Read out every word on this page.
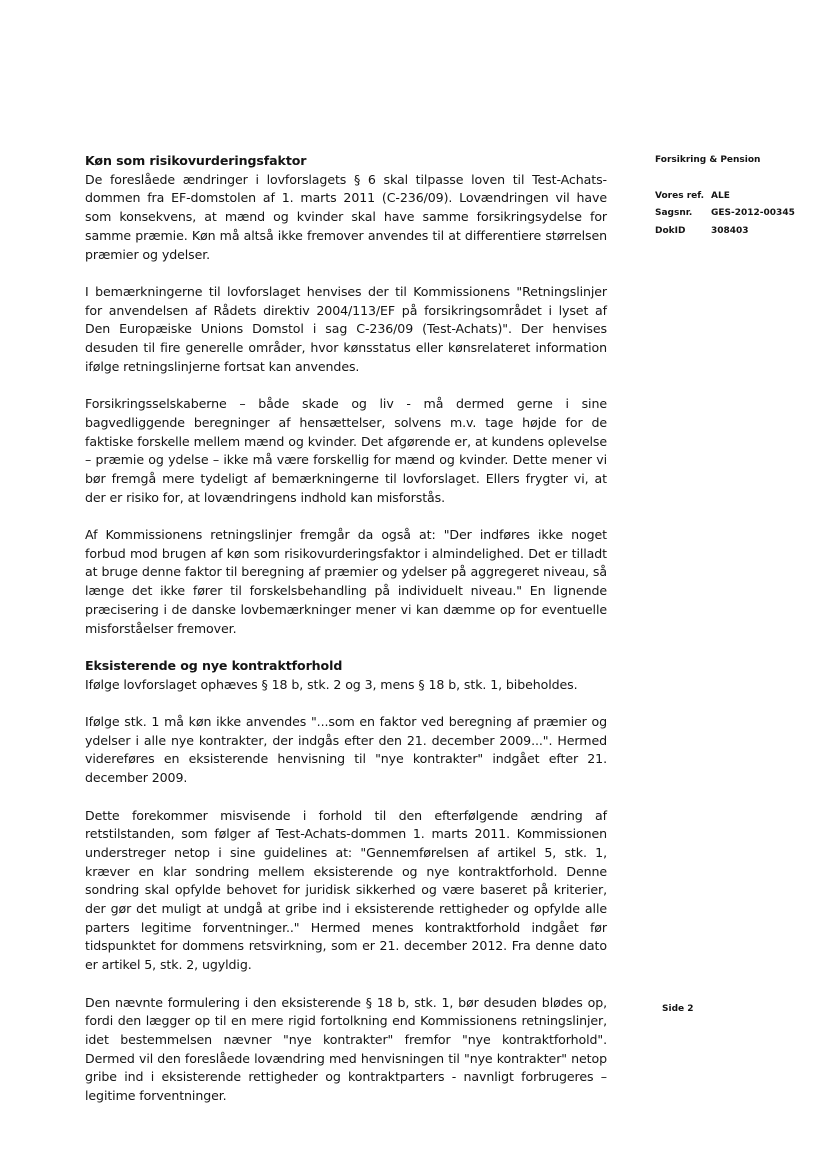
Køn som risikovurderingsfaktor

De foreslåede ændringer i lovforslagets § 6 skal tilpasse loven til Test-Achats-dommen fra EF-domstolen af 1. marts 2011 (C-236/09). Lovændringen vil have som konsekvens, at mænd og kvinder skal have samme forsikringsydelse for samme præmie. Køn må altså ikke fremover anvendes til at differentiere størrelsen præmier og ydelser.

I bemærkningerne til lovforslaget henvises der til Kommissionens "Retningslinjer for anvendelsen af Rådets direktiv 2004/113/EF på forsikringsområdet i lyset af Den Europæiske Unions Domstol i sag C-236/09 (Test-Achats)". Der henvises desuden til fire generelle områder, hvor kønsstatus eller kønsrelateret information ifølge retningslinjerne fortsat kan anvendes.

Forsikringsselskaberne – både skade og liv - må dermed gerne i sine bagvedliggende beregninger af hensættelser, solvens m.v. tage højde for de faktiske forskelle mellem mænd og kvinder. Det afgørende er, at kundens oplevelse – præmie og ydelse – ikke må være forskellig for mænd og kvinder. Dette mener vi bør fremgå mere tydeligt af bemærkningerne til lovforslaget. Ellers frygter vi, at der er risiko for, at lovændringens indhold kan misforstås.

Af Kommissionens retningslinjer fremgår da også at: "Der indføres ikke noget forbud mod brugen af køn som risikovurderingsfaktor i almindelighed. Det er tilladt at bruge denne faktor til beregning af præmier og ydelser på aggregeret niveau, så længe det ikke fører til forskelsbehandling på individuelt niveau." En lignende præcisering i de danske lovbemærkninger mener vi kan dæmme op for eventuelle misforståelser fremover.

Eksisterende og nye kontraktforhold

Ifølge lovforslaget ophæves § 18 b, stk. 2 og 3, mens § 18 b, stk. 1, bibeholdes.

Ifølge stk. 1 må køn ikke anvendes "...som en faktor ved beregning af præmier og ydelser i alle nye kontrakter, der indgås efter den 21. december 2009...". Hermed videreføres en eksisterende henvisning til "nye kontrakter" indgået efter 21. december 2009.

Dette forekommer misvisende i forhold til den efterfølgende ændring af retstilstanden, som følger af Test-Achats-dommen 1. marts 2011. Kommissionen understreger netop i sine guidelines at: "Gennemførelsen af artikel 5, stk. 1, kræver en klar sondring mellem eksisterende og nye kontraktforhold. Denne sondring skal opfylde behovet for juridisk sikkerhed og være baseret på kriterier, der gør det muligt at undgå at gribe ind i eksisterende rettigheder og opfylde alle parters legitime forventninger.." Hermed menes kontraktforhold indgået før tidspunktet for dommens retsvirkning, som er 21. december 2012. Fra denne dato er artikel 5, stk. 2, ugyldig.

Den nævnte formulering i den eksisterende § 18 b, stk. 1, bør desuden blødes op, fordi den lægger op til en mere rigid fortolkning end Kommissionens retningslinjer, idet bestemmelsen nævner "nye kontrakter" fremfor "nye kontraktforhold". Dermed vil den foreslåede lovændring med henvisningen til "nye kontrakter" netop gribe ind i eksisterende rettigheder og kontraktparters - navnligt forbrugeres – legitime forventninger.

Forsikring & Pension
Vores ref. ALE
Sagsnr.	GES-2012-00345
DokID	308403
Side 2
